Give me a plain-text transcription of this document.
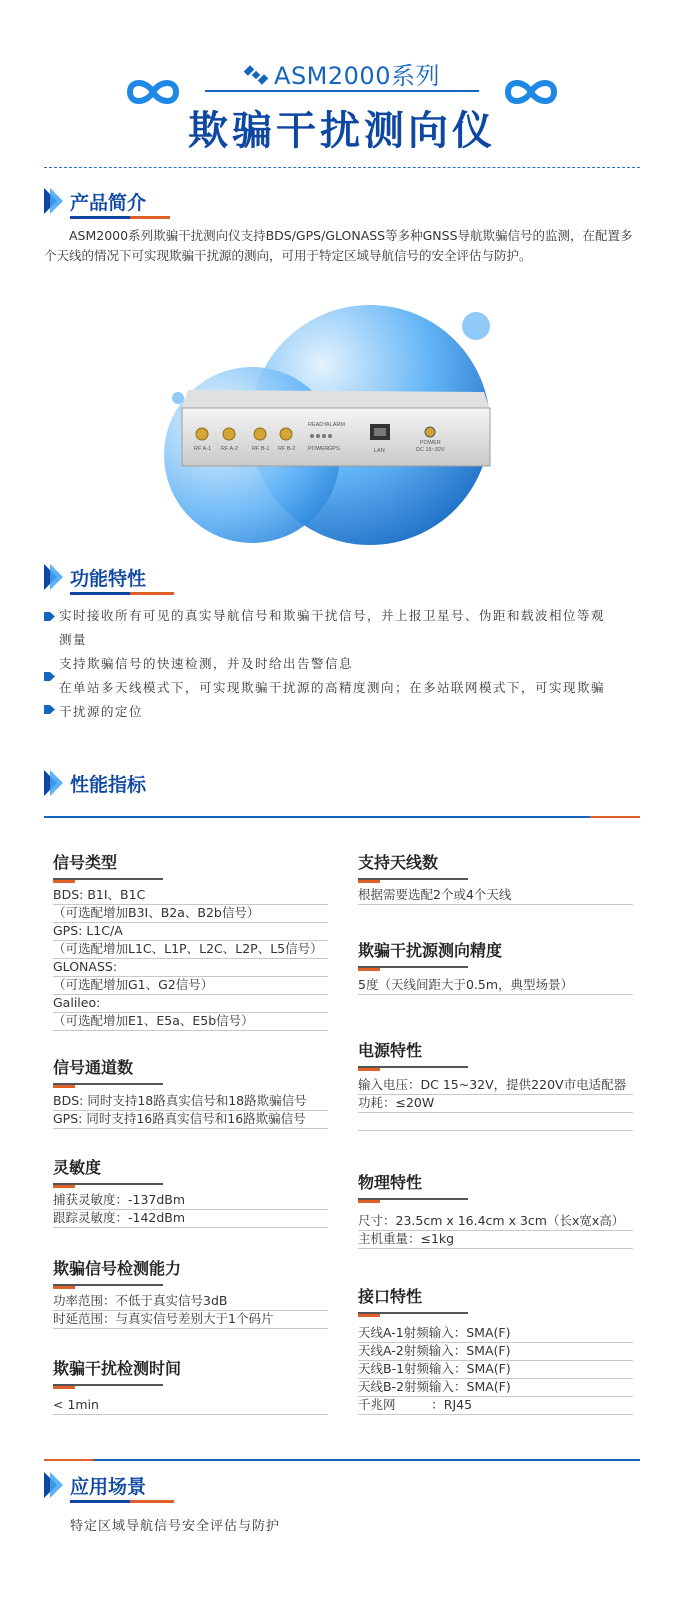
ASM2000系列
欺骗干扰测向仪
产品简介
ASM2000系列欺骗干扰测向仪支持BDS/GPS/GLONASS等多种GNSS导航欺骗信号的监测，在配置多个天线的情况下可实现欺骗干扰源的测向，可用于特定区域导航信号的安全评估与防护。
RF A-1 RF A-2	RF B-1 RF B-2
READY ALARM
POWER GPS	LAN
POWER
DC 15~32V
功能特性
实时接收所有可见的真实导航信号和欺骗干扰信号，并上报卫星号、伪距和载波相位等观
测量
支持欺骗信号的快速检测，并及时给出告警信息
在单站多天线模式下，可实现欺骗干扰源的高精度测向；在多站联网模式下，可实现欺骗
干扰源的定位
性能指标
信号类型
BDS: B1I、B1C
（可选配增加B3I、B2a、B2b信号）
GPS: L1C/A
（可选配增加L1C、L1P、L2C、L2P、L5信号）
GLONASS:
（可选配增加G1、G2信号）
Galileo:
（可选配增加E1、E5a、E5b信号）
信号通道数
BDS: 同时支持18路真实信号和18路欺骗信号
GPS: 同时支持16路真实信号和16路欺骗信号
灵敏度
捕获灵敏度：-137dBm
跟踪灵敏度：-142dBm
欺骗信号检测能力
功率范围：不低于真实信号3dB
时延范围：与真实信号差别大于1个码片
欺骗干扰检测时间
< 1min
支持天线数
根据需要选配2个或4个天线
欺骗干扰源测向精度
5度（天线间距大于0.5m，典型场景）
电源特性
输入电压：DC 15~32V，提供220V市电适配器
功耗：≤20W
物理特性
尺寸：23.5cm x 16.4cm x 3cm（长x宽x高）
主机重量：≤1kg
接口特性
天线A-1射频输入：SMA(F)
天线A-2射频输入：SMA(F)
天线B-1射频输入：SMA(F)
天线B-2射频输入：SMA(F)
千兆网         ：RJ45
应用场景
特定区域导航信号安全评估与防护
